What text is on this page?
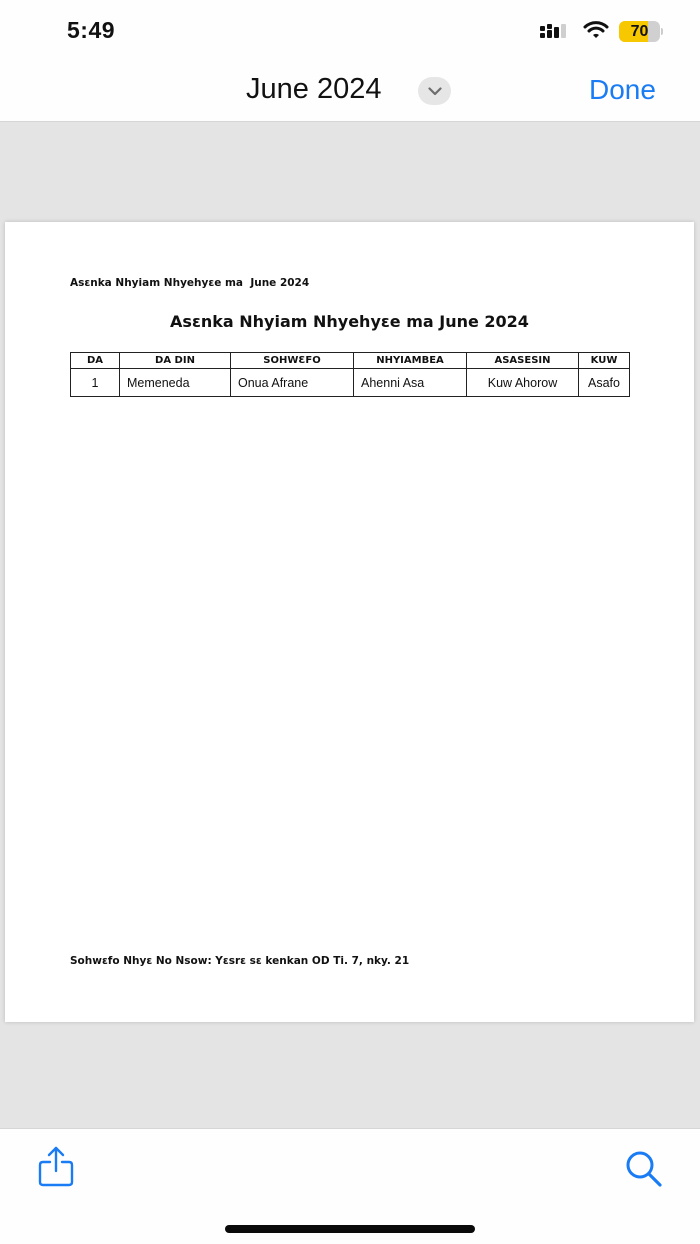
5:49	70
June 2024	Done
Asɛnka Nhyiam Nhyehyɛe ma  June 2024
Asɛnka Nhyiam Nhyehyɛe ma June 2024
DA	DA DIN	SOHWƐFO	NHYIAMBEA	ASASESIN	KUW
1	Memeneda	Onua Afrane	Ahenni Asa	Kuw Ahorow	Asafo
Sohwɛfo Nhyɛ No Nsow: Yɛsrɛ sɛ kenkan OD Ti. 7, nky. 21
